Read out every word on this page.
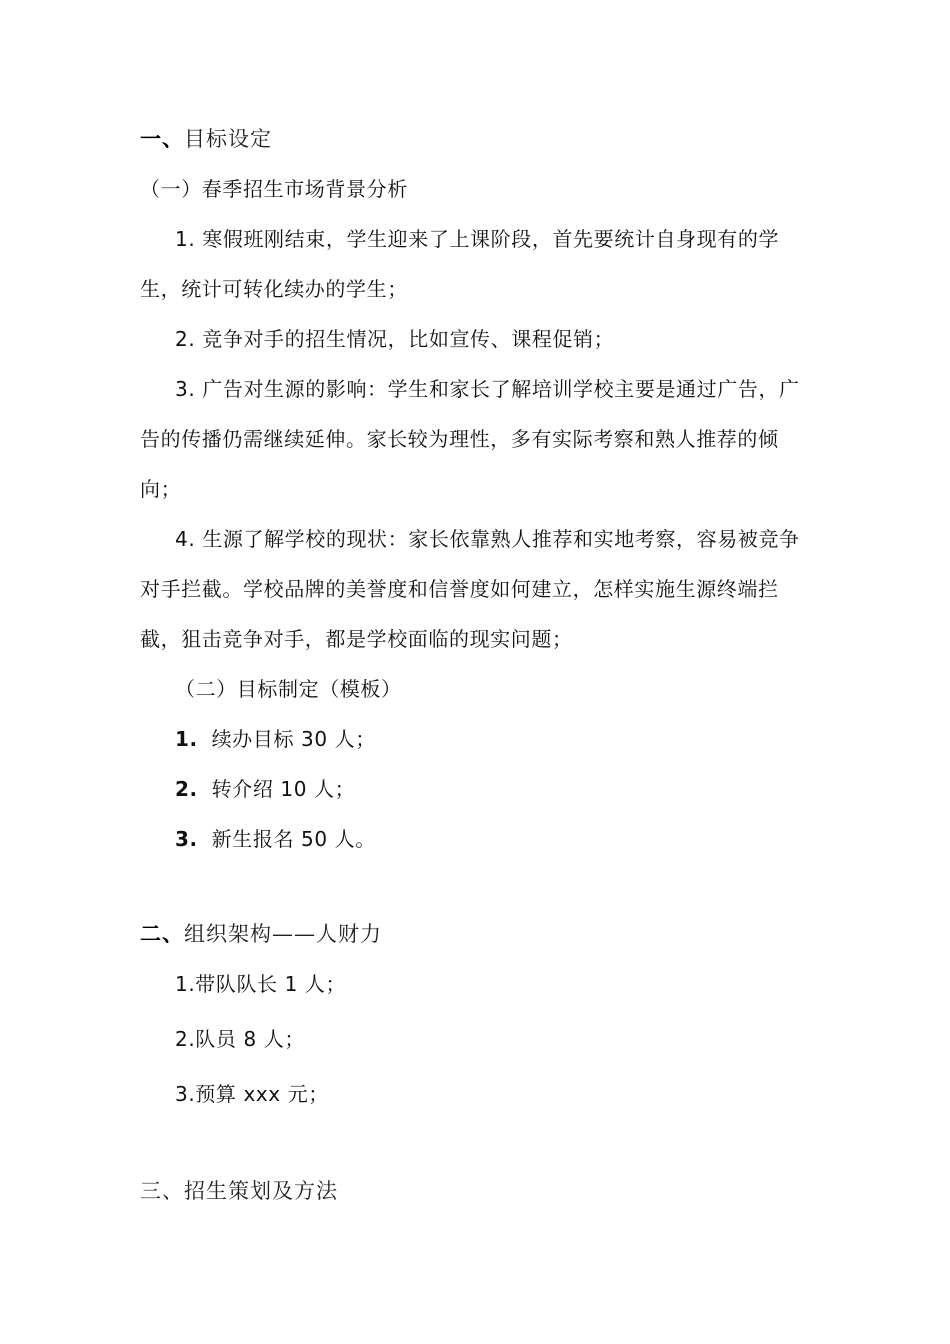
一、目标设定
（一）春季招生市场背景分析
1. 寒假班刚结束，学生迎来了上课阶段，首先要统计自身现有的学
生，统计可转化续办的学生；
2. 竞争对手的招生情况，比如宣传、课程促销；
3. 广告对生源的影响：学生和家长了解培训学校主要是通过广告，广
告的传播仍需继续延伸。家长较为理性，多有实际考察和熟人推荐的倾
向；
4. 生源了解学校的现状：家长依靠熟人推荐和实地考察，容易被竞争
对手拦截。学校品牌的美誉度和信誉度如何建立，怎样实施生源终端拦
截，狙击竞争对手，都是学校面临的现实问题；
（二）目标制定（模板）
1. 续办目标 30 人；
2. 转介绍 10 人；
3. 新生报名 50 人。
二、组织架构——人财力
1.带队队长 1 人；
2.队员 8 人；
3.预算 xxx 元；
三、招生策划及方法
